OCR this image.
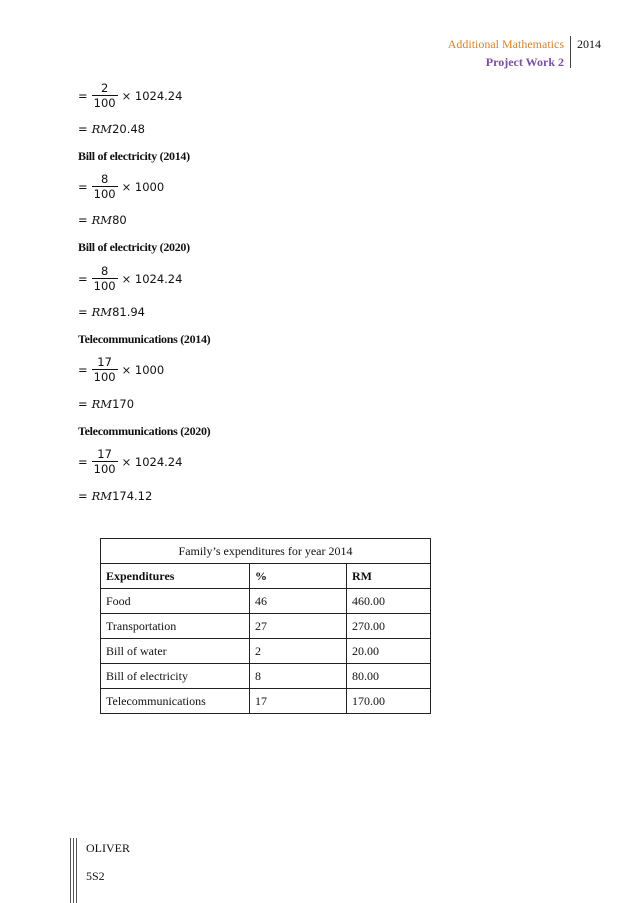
Additional Mathematics
Project Work 2
2014
= $\frac{2}{100} \times 1024.24$
= RM 20.48
Bill of electricity (2014)
= $\frac{8}{100} \times 1000$
= RM 80
Bill of electricity (2020)
= $\frac{8}{100} \times 1024.24$
= RM 81.94
Telecommunications (2014)
= $\frac{17}{100} \times 1000$
= RM 170
Telecommunications (2020)
= $\frac{17}{100} \times 1024.24$
= RM 174.12
Family’s expenditures for year 2014		
Expenditures	%	RM
Food	46	460.00
Transportation	27	270.00
Bill of water	2	20.00
Bill of electricity	8	80.00
Telecommunications	17	170.00
OLIVER
5S2
